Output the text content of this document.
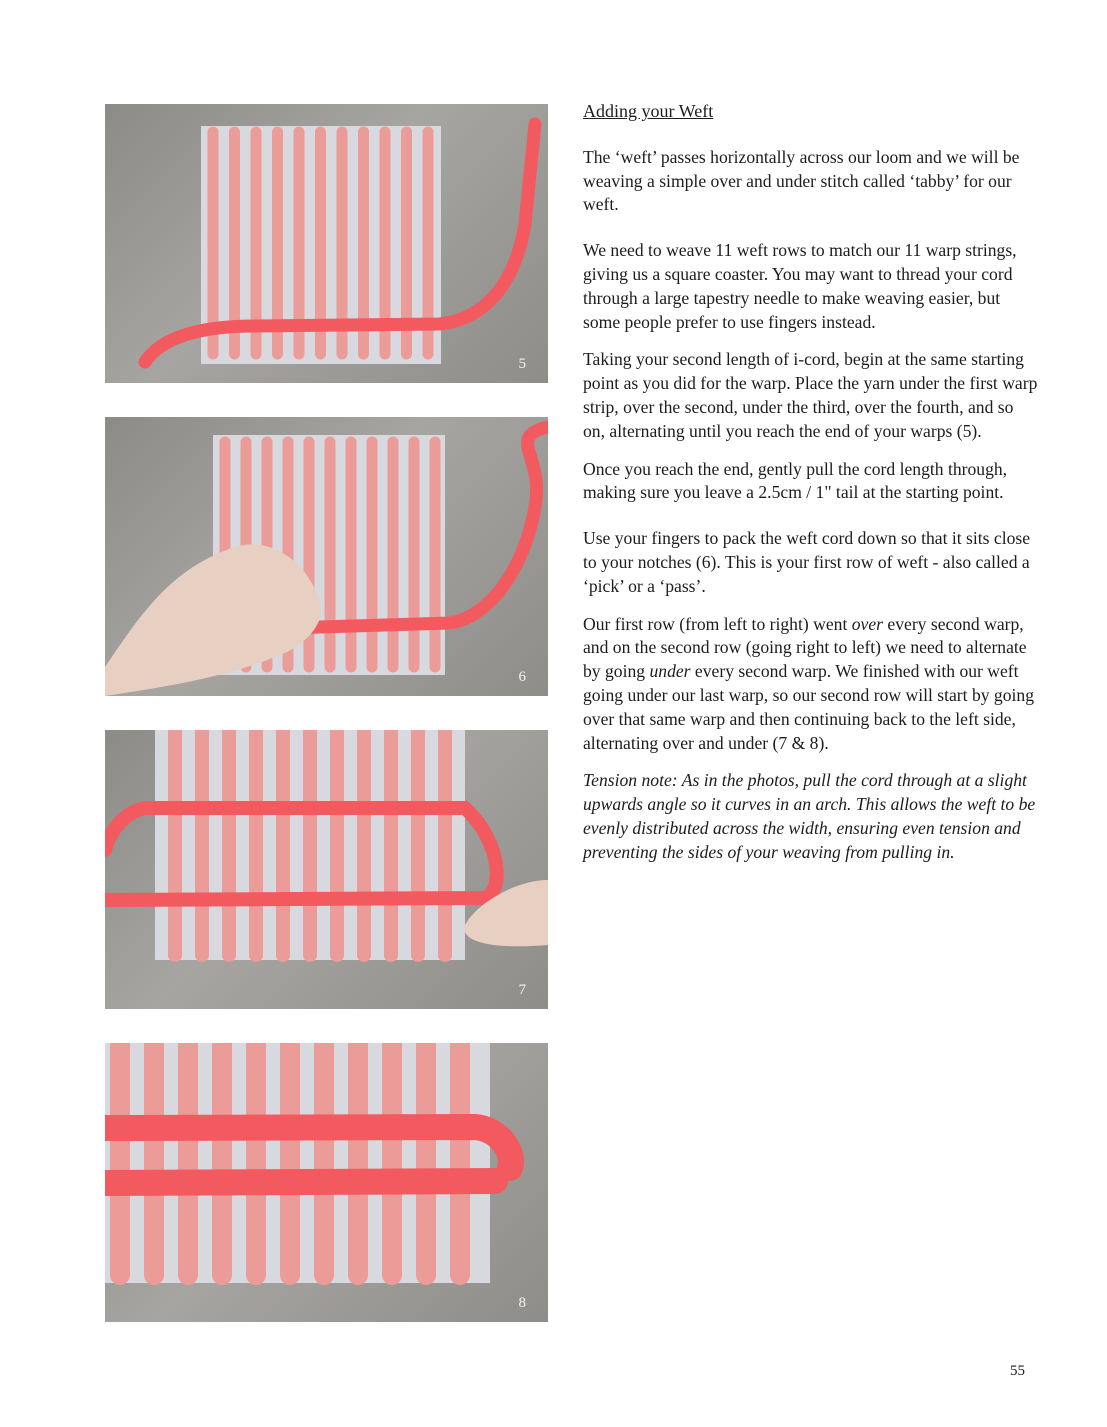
5
6
7
8
Adding your Weft

The ‘weft’ passes horizontally across our loom and we will be weaving a simple over and under stitch called ‘tabby’ for our weft.

We need to weave 11 weft rows to match our 11 warp strings, giving us a square coaster. You may want to thread your cord through a large tapestry needle to make weaving easier, but some people prefer to use fingers instead.

Taking your second length of i-cord, begin at the same starting point as you did for the warp. Place the yarn under the first warp strip, over the second, under the third, over the fourth, and so on, alternating until you reach the end of your warps (5).

Once you reach the end, gently pull the cord length through, making sure you leave a 2.5cm / 1" tail at the starting point.

Use your fingers to pack the weft cord down so that it sits close to your notches (6). This is your first row of weft - also called a ‘pick’ or a ‘pass’.

Our first row (from left to right) went over every second warp, and on the second row (going right to left) we need to alternate by going under every second warp. We finished with our weft going under our last warp, so our second row will start by going over that same warp and then continuing back to the left side, alternating over and under (7 & 8).

Tension note: As in the photos, pull the cord through at a slight upwards angle so it curves in an arch. This allows the weft to be evenly distributed across the width, ensuring even tension and preventing the sides of your weaving from pulling in.

55
